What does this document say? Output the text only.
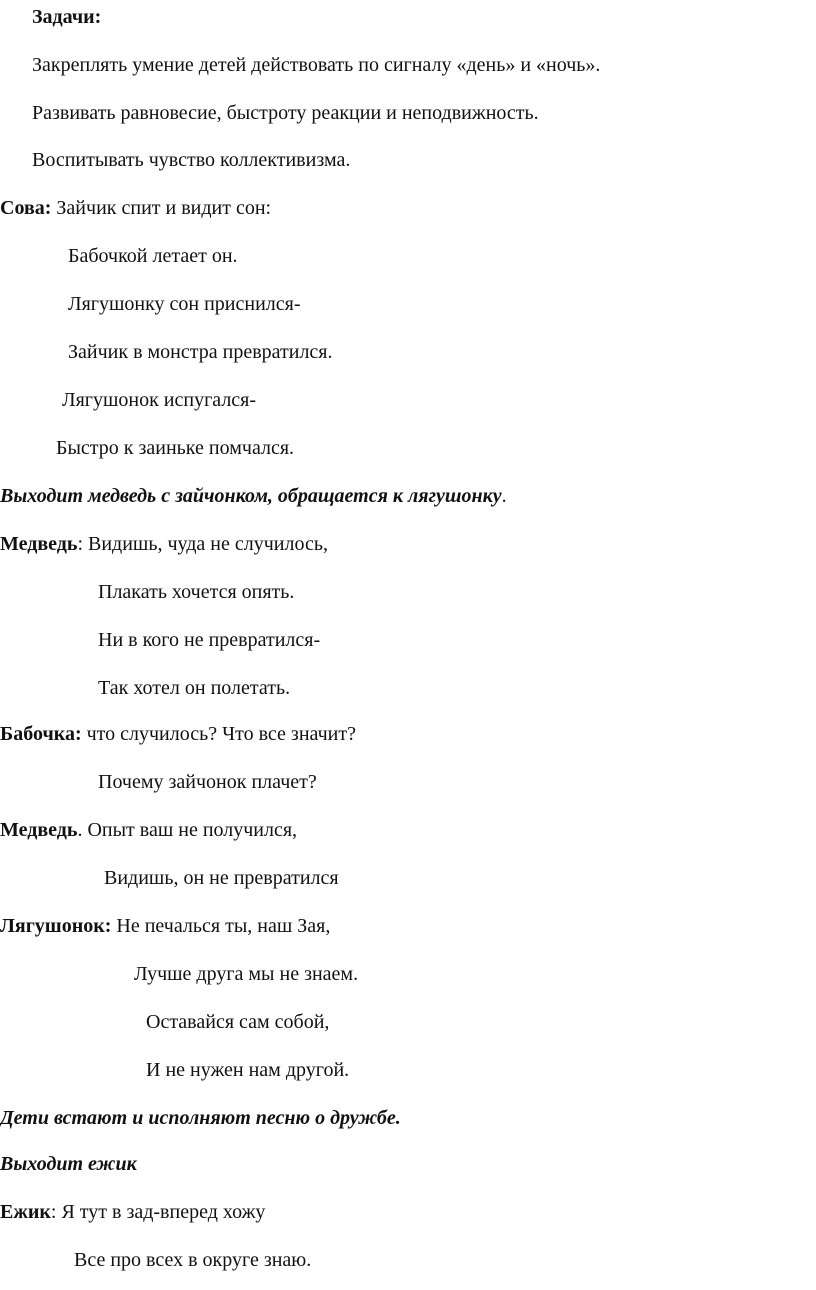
Задачи:
Закреплять умение детей действовать по сигналу «день» и «ночь».
Развивать равновесие, быстроту реакции и неподвижность.
Воспитывать чувство коллективизма.
Сова: Зайчик спит и видит сон:
Бабочкой летает он.
Лягушонку сон приснился-
Зайчик в монстра превратился.
Лягушонок испугался-
Быстро к заиньке помчался.
Выходит медведь с зайчонком, обращается к лягушонку.
Медведь: Видишь, чуда не случилось,
Плакать хочется опять.
Ни в кого не превратился-
Так хотел он полетать.
Бабочка: что случилось? Что все значит?
Почему зайчонок плачет?
Медведь. Опыт ваш не получился,
Видишь, он не превратился
Лягушонок: Не печалься ты, наш Зая,
Лучше друга мы не знаем.
Оставайся сам собой,
И не нужен нам другой.
Дети встают и исполняют песню о дружбе.
Выходит ежик
Ежик: Я тут в зад-вперед хожу
Все про всех в округе знаю.
